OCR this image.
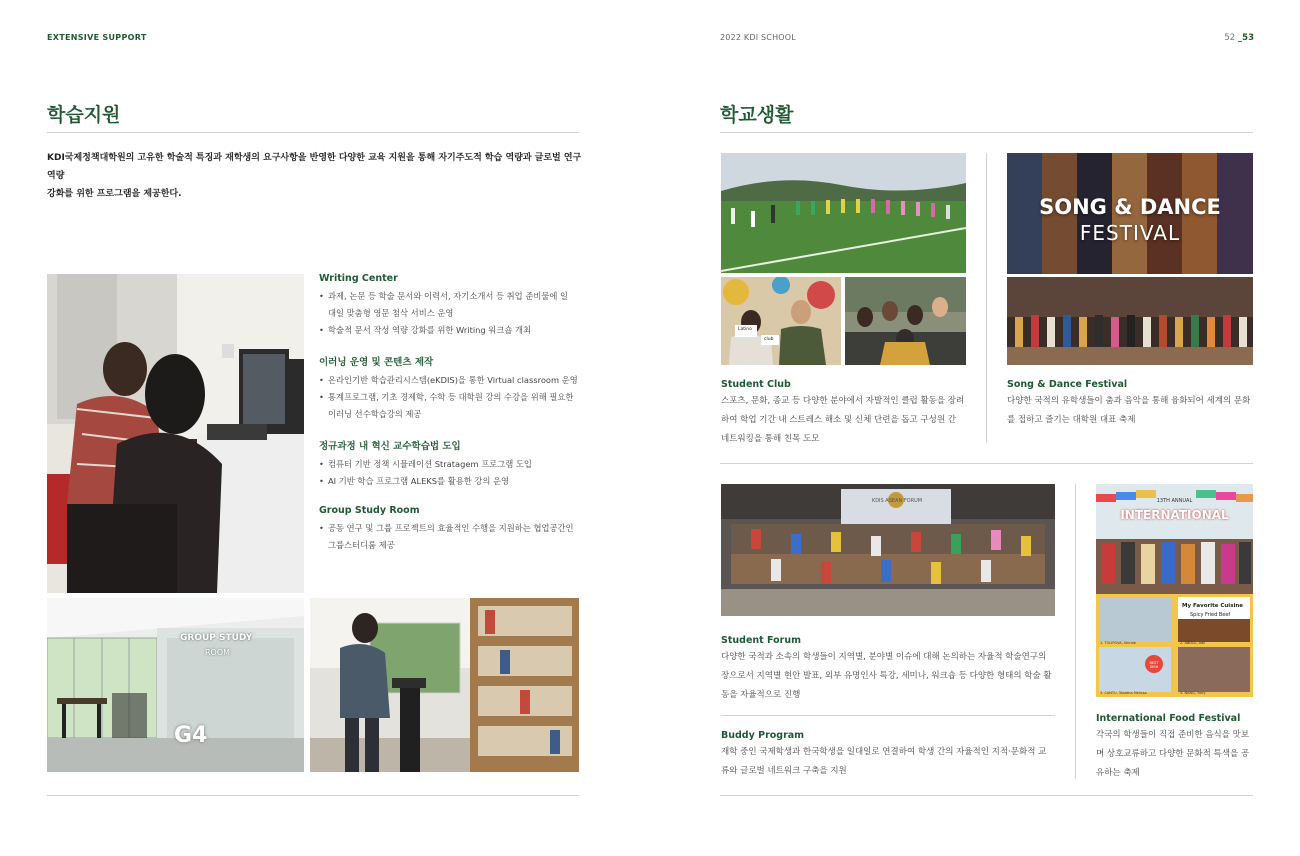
EXTENSIVE SUPPORT	2022 KDI SCHOOL	52 _53
학습지원
KDI국제정책대학원의 고유한 학술적 특징과 재학생의 요구사항을 반영한 다양한 교육 지원을 통해 자기주도적 학습 역량과 글로벌 연구 역량
강화를 위한 프로그램을 제공한다.
GROUP STUDY
ROOM
G4
Writing Center
• 과제, 논문 등 학술 문서와 이력서, 자기소개서 등 취업 준비물에 일
대일 맞춤형 영문 첨삭 서비스 운영
• 학술적 문서 작성 역량 강화를 위한 Writing 워크숍 개최
이러닝 운영 및 콘텐츠 제작
• 온라인기반 학습관리시스템(eKDIS)을 통한 Virtual classroom 운영
• 통계프로그램, 기초 경제학, 수학 등 대학원 강의 수강을 위해 필요한
이러닝 선수학습강의 제공
정규과정 내 혁신 교수학습법 도입
• 컴퓨터 기반 정책 시뮬레이션 Stratagem 프로그램 도입
• AI 기반 학습 프로그램 ALEKS를 활용한 강의 운영
Group Study Room
• 공동 연구 및 그룹 프로젝트의 효율적인 수행을 지원하는 협업공간인
그룹스터디룸 제공
학교생활
Latino
club
SONG & DANCE
FESTIVAL
Student Club
스포츠, 문화, 종교 등 다양한 분야에서 자발적인 클럽 활동을 장려
하여 학업 기간 내 스트레스 해소 및 신체 단련을 돕고 구성원 간
네트워킹을 통해 친목 도모
Song & Dance Festival
다양한 국적의 유학생들이 춤과 음악을 통해 융화되어 세계의 문화
를 접하고 즐기는 대학원 대표 축제
KDIS ASEAN FORUM
Student Forum
다양한 국적과 소속의 학생들이 지역별, 분야별 이슈에 대해 논의하는 자율적 학술연구의
장으로서 지역별 현안 발표, 외부 유명인사 특강, 세미나, 워크숍 등 다양한 형태의 학술 활
동을 자율적으로 진행
Buddy Program
재학 중인 국제학생과 한국학생을 일대일로 연결하여 학생 간의 자율적인 지적·문화적 교
류와 글로벌 네트워크 구축을 지원
13TH ANNUAL
INTERNATIONAL
My Favorite Cuisine
Spicy Fried Beef
BEST DISH
1. TOLIPOVA, Shirole	2. ABDUL, Adil
3. CANTU, Tabatha Melissa	4. NANG, Yuriy
International Food Festival
각국의 학생들이 직접 준비한 음식을 맛보
며 상호교류하고 다양한 문화적 특색을 공
유하는 축제
